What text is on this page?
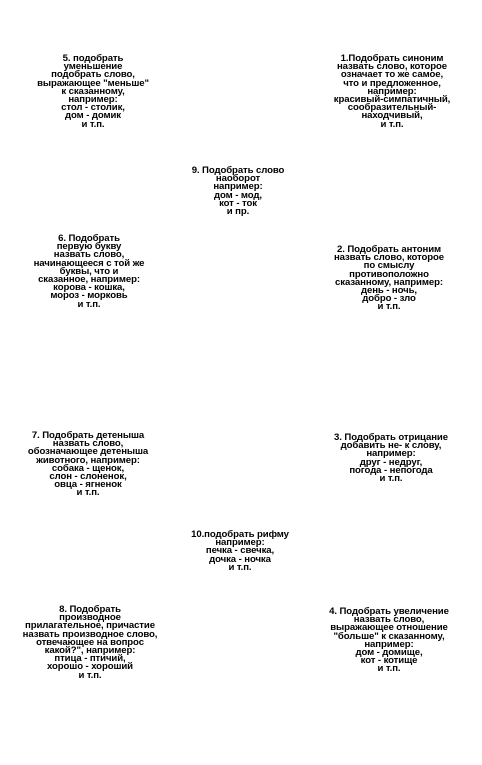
5. подобрать
уменьшение
подобрать слово,
выражающее "меньше"
к сказанному,
например:
стол - столик,
дом - домик
и т.п.
1.Подобрать синоним
назвать слово, которое
означает то же самое,
что и предложенное,
например:
красивый-симпатичный,
сообразительный-
находчивый,
и т.п.
9. Подобрать слово
наоборот
например:
дом - мод,
кот - ток
и пр.
6. Подобрать
первую букву
назвать слово,
начинающееся с той же
буквы, что и
сказанное, например:
корова - кошка,
мороз - морковь
и т.п.
2. Подобрать антоним
назвать слово, которое
по смыслу
противоположно
сказанному, например:
день - ночь,
добро - зло
и т.п.
7. Подобрать детеныша
назвать слово,
обозначающее детеныша
животного, например:
собака - щенок,
слон - слоненок,
овца - ягненок
и т.п.
3. Подобрать отрицание
добавить не- к слову,
например:
друг - недруг,
погода - непогода
и т.п.
10.подобрать рифму
например:
печка - свечка,
дочка - ночка
и т.п.
8. Подобрать
производное
прилагательное, причастие
назвать производное слово,
отвечающее на вопрос
какой?", например:
птица - птичий,
хорошо - хороший
и т.п.
4. Подобрать увеличение
назвать слово,
выражающее отношение
"больше" к сказанному,
например:
дом - домище,
кот - котище
и т.п.
